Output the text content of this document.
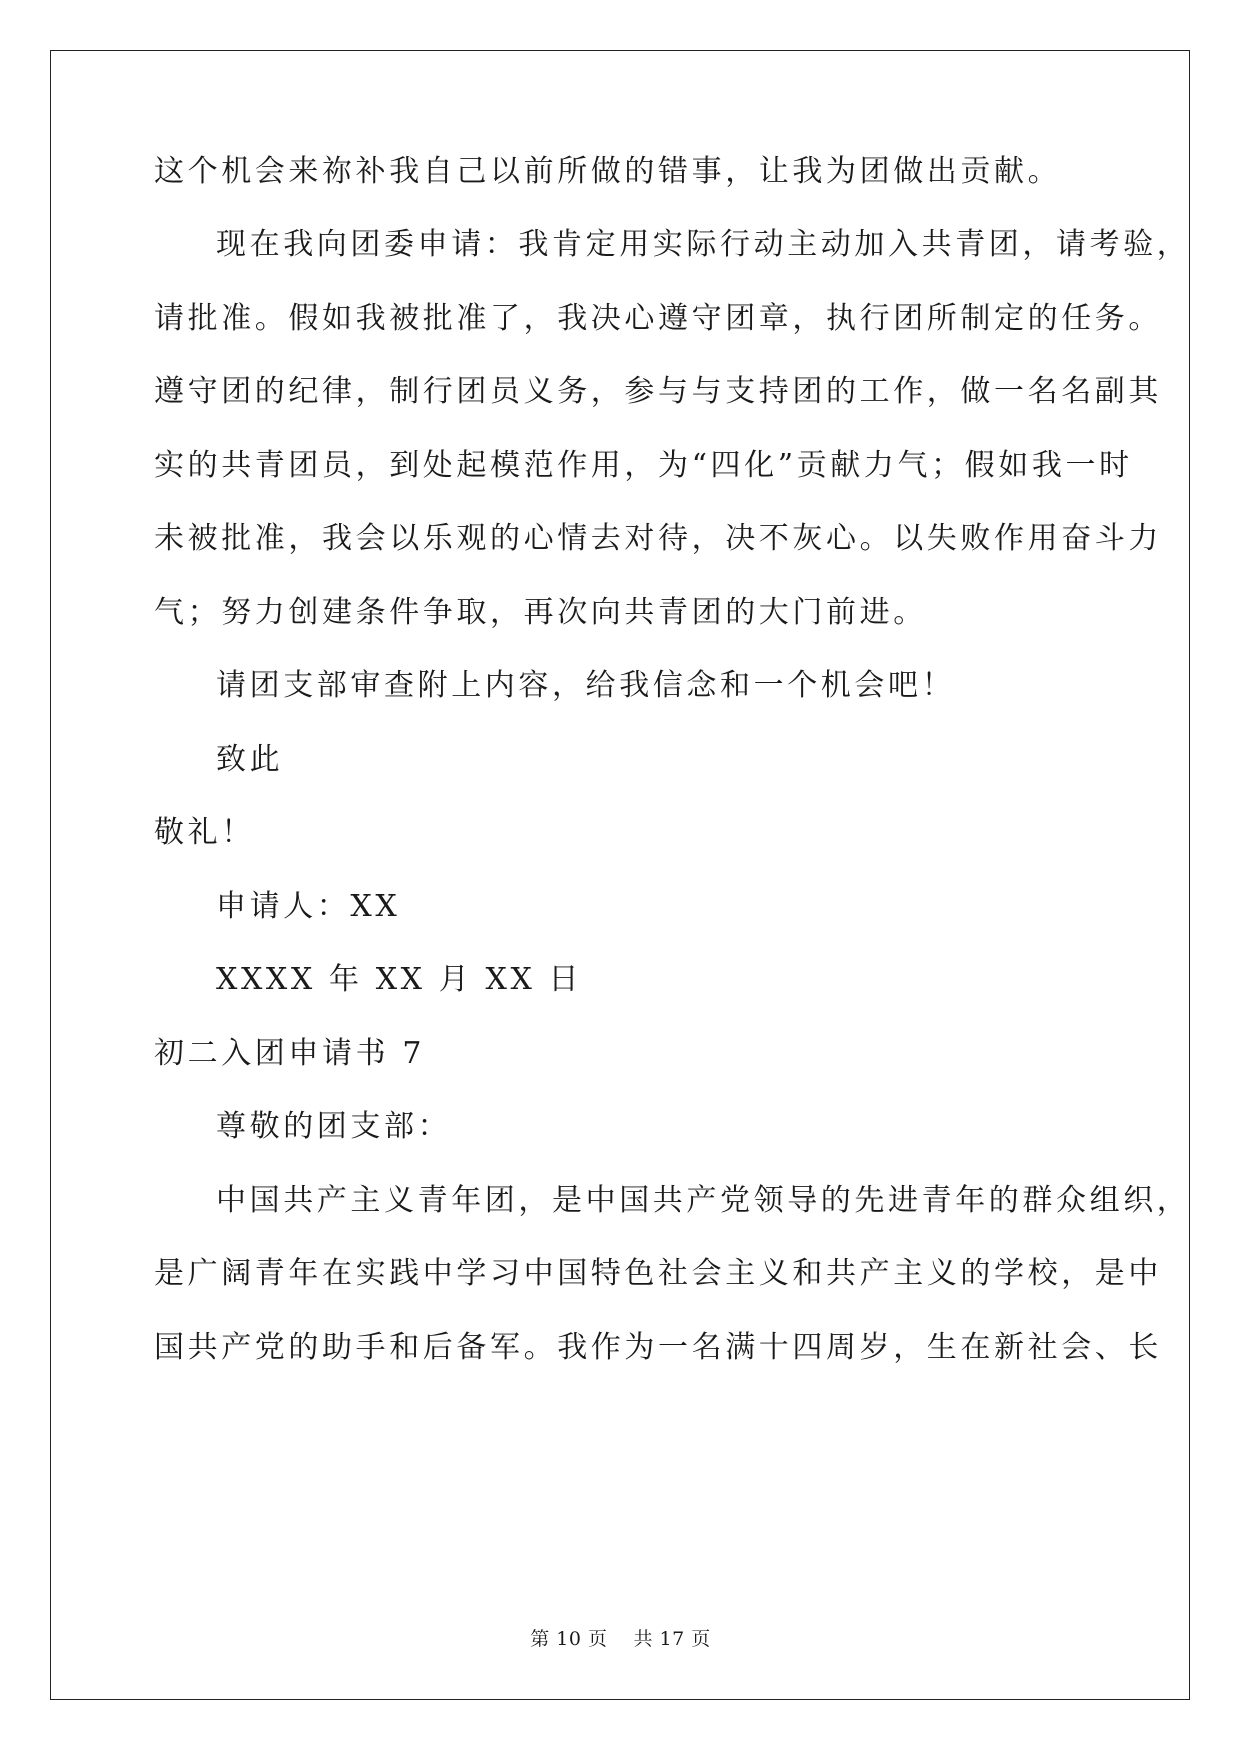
这个机会来祢补我自己以前所做的错事，让我为团做出贡献。
现在我向团委申请：我肯定用实际行动主动加入共青团，请考验，
请批准。假如我被批准了，我决心遵守团章，执行团所制定的任务。
遵守团的纪律，制行团员义务，参与与支持团的工作，做一名名副其
实的共青团员，到处起模范作用，为“四化”贡献力气；假如我一时
未被批准，我会以乐观的心情去对待，决不灰心。以失败作用奋斗力
气；努力创建条件争取，再次向共青团的大门前进。
请团支部审查附上内容，给我信念和一个机会吧！
致此
敬礼！
申请人：XX
XXXX 年 XX 月 XX 日
初二入团申请书 7
尊敬的团支部：
中国共产主义青年团，是中国共产党领导的先进青年的群众组织，
是广阔青年在实践中学习中国特色社会主义和共产主义的学校，是中
国共产党的助手和后备军。我作为一名满十四周岁，生在新社会、长
第 10 页 共 17 页
